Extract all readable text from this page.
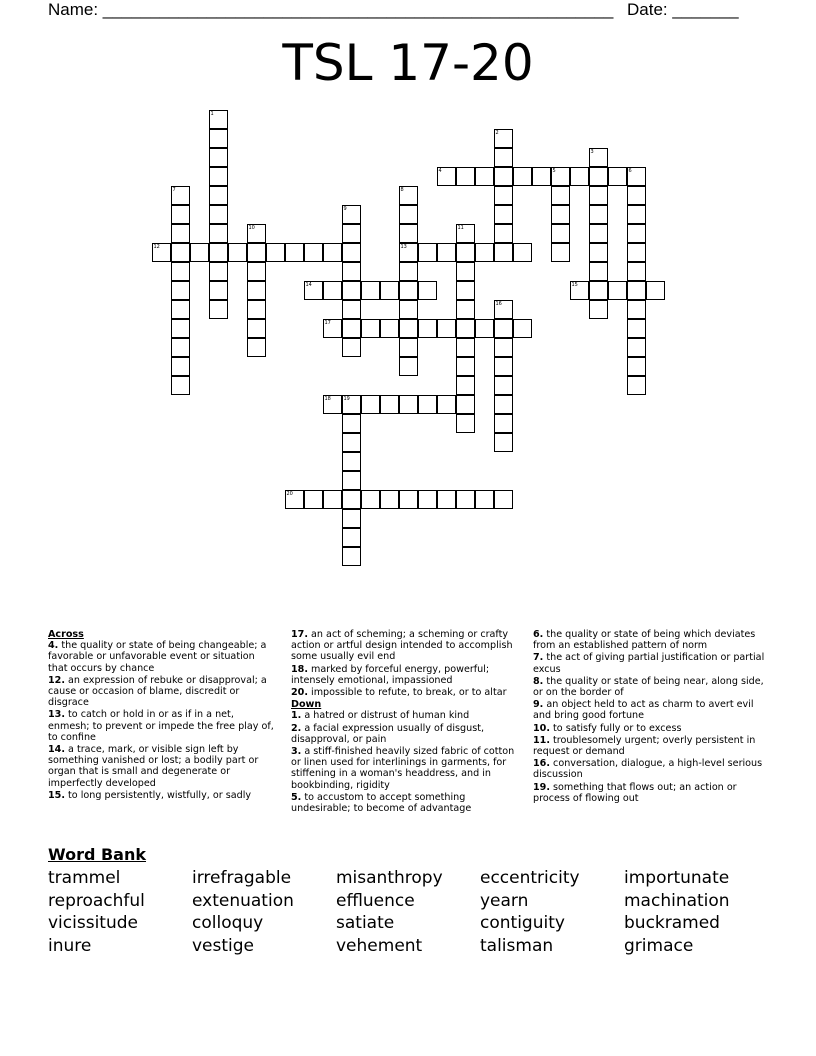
Name: ______________________________________________________ Date: _______
TSL 17-20
1
2
3
4	5	6
7	8
9
10	11
12	13
14	15
16
17
18	19
20
Across
4. the quality or state of being changeable; a favorable or unfavorable event or situation that occurs by chance
12. an expression of rebuke or disapproval; a cause or occasion of blame, discredit or disgrace
13. to catch or hold in or as if in a net, enmesh; to prevent or impede the free play of, to confine
14. a trace, mark, or visible sign left by something vanished or lost; a bodily part or organ that is small and degenerate or imperfectly developed
15. to long persistently, wistfully, or sadly
17. an act of scheming; a scheming or crafty action or artful design intended to accomplish some usually evil end
18. marked by forceful energy, powerful; intensely emotional, impassioned
20. impossible to refute, to break, or to altar
Down
1. a hatred or distrust of human kind
2. a facial expression usually of disgust, disapproval, or pain
3. a stiff-finished heavily sized fabric of cotton or linen used for interlinings in garments, for stiffening in a woman's headdress, and in bookbinding, rigidity
5. to accustom to accept something undesirable; to become of advantage
6. the quality or state of being which deviates from an established pattern of norm
7. the act of giving partial justification or partial excus
8. the quality or state of being near, along side, or on the border of
9. an object held to act as charm to avert evil and bring good fortune
10. to satisfy fully or to excess
11. troublesomely urgent; overly persistent in request or demand
16. conversation, dialogue, a high-level serious discussion
19. something that flows out; an action or process of flowing out
Word Bank
trammel	irrefragable	misanthropy eccentricity	importunate
reproachful	extenuation effluence	yearn	machination
vicissitude	colloquy	satiate	contiguity	buckramed
inure	vestige	vehement	talisman	grimace
